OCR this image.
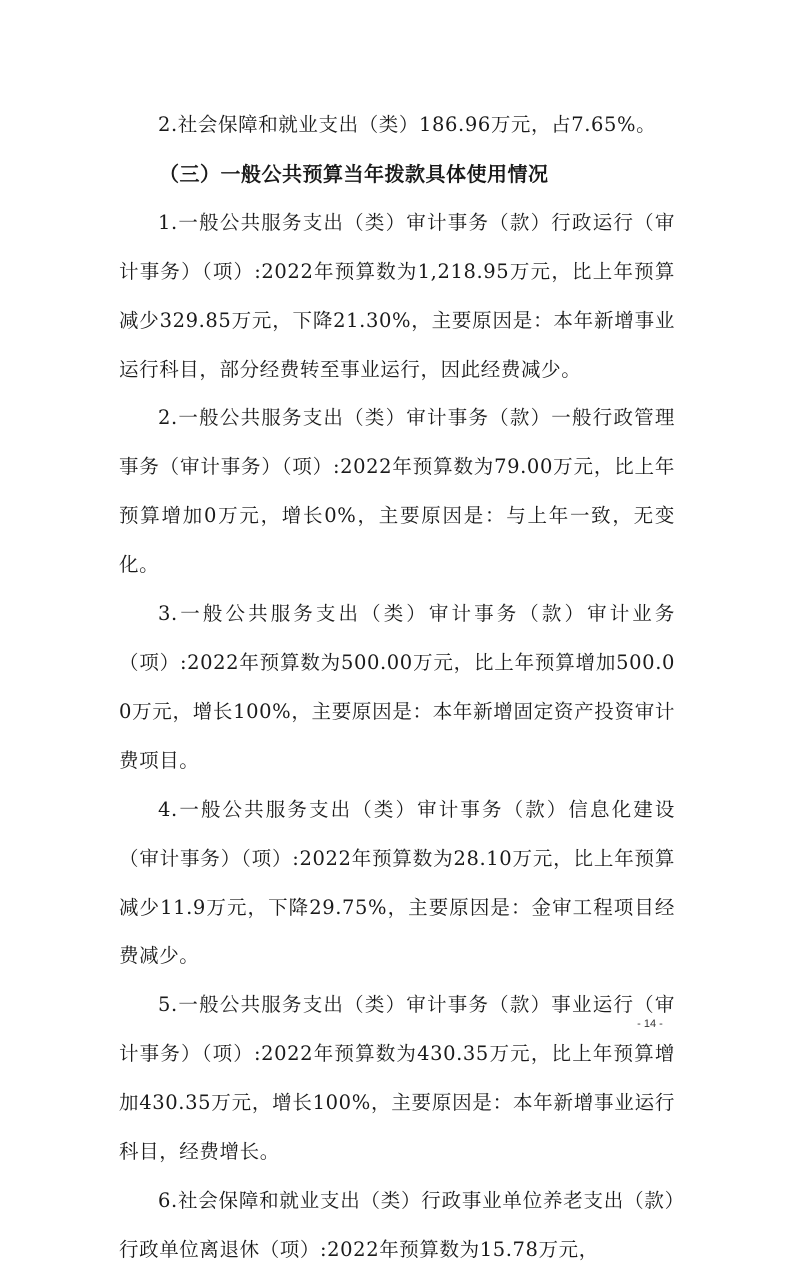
2.社会保障和就业支出（类）186.96万元，占7.65%。

（三）一般公共预算当年拨款具体使用情况

1.一般公共服务支出（类）审计事务（款）行政运行（审计事务）（项）:2022年预算数为1,218.95万元，比上年预算减少329.85万元，下降21.30%，主要原因是：本年新增事业运行科目，部分经费转至事业运行，因此经费减少。

2.一般公共服务支出（类）审计事务（款）一般行政管理事务（审计事务）（项）:2022年预算数为79.00万元，比上年预算增加0万元，增长0%，主要原因是：与上年一致，无变化。

3.一般公共服务支出（类）审计事务（款）审计业务（项）:2022年预算数为500.00万元，比上年预算增加500.00万元，增长100%，主要原因是：本年新增固定资产投资审计费项目。

4.一般公共服务支出（类）审计事务（款）信息化建设（审计事务）（项）:2022年预算数为28.10万元，比上年预算减少11.9万元，下降29.75%，主要原因是：金审工程项目经费减少。

5.一般公共服务支出（类）审计事务（款）事业运行（审计事务）（项）:2022年预算数为430.35万元，比上年预算增加430.35万元，增长100%，主要原因是：本年新增事业运行科目，经费增长。

6.社会保障和就业支出（类）行政事业单位养老支出（款）行政单位离退休（项）:2022年预算数为15.78万元，

- 14 -
